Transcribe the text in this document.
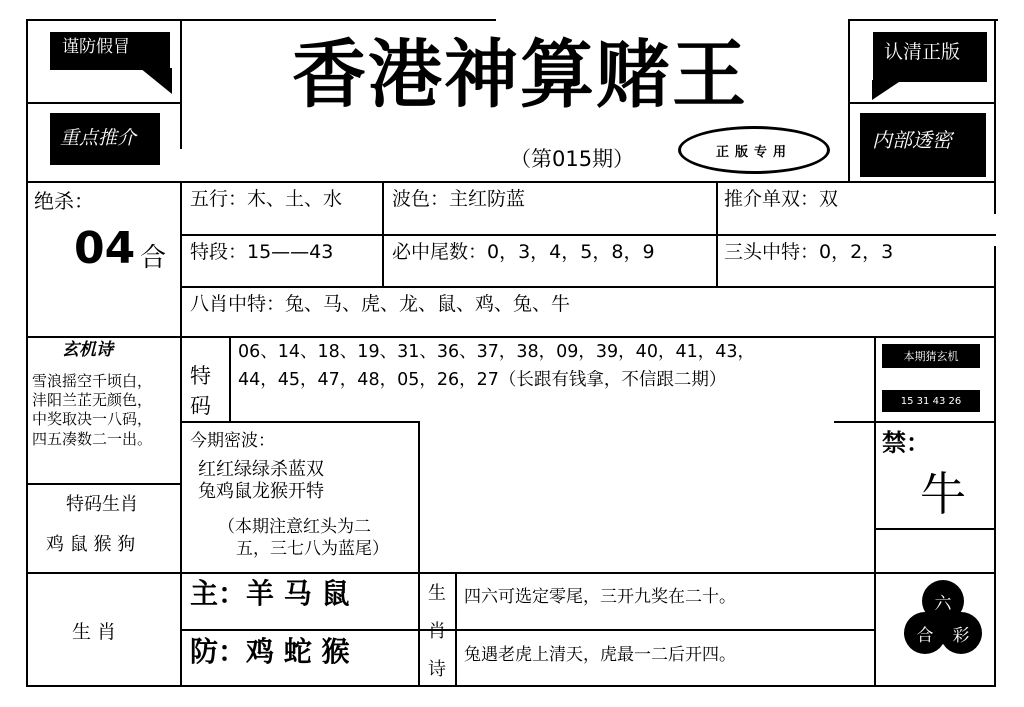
谨防假冒
重点推介
香港神算赌王
（第015期）	正版专用
认清正版
内部透密
绝杀：
04 合
五行：木、土、水	波色：主红防蓝	推介单双：双
特段：15——43	必中尾数：0，3，4，5，8，9	三头中特：0，2，3
八肖中特：兔、马、虎、龙、鼠、鸡、兔、牛
玄机诗
雪浪摇空千顷白，
沣阳兰芷无颜色，
中奖取决一八码，
四五凑数二一出。
特
码
06、14、18、19、31、36、37，38，09，39，40，41，43，
44，45，47，48，05，26，27（长跟有钱拿，不信跟二期）
本期猜玄机
15 31 43 26
今期密波：
红红绿绿杀蓝双
兔鸡鼠龙猴开特
（本期注意红头为二
五，三七八为蓝尾）
禁：
牛
特码生肖
鸡 鼠 猴 狗
生 肖
主：羊 马 鼠
防：鸡 蛇 猴
生
肖
诗
四六可选定零尾，三开九奖在二十。
兔遇老虎上清天，虎最一二后开四。
六
合 彩
